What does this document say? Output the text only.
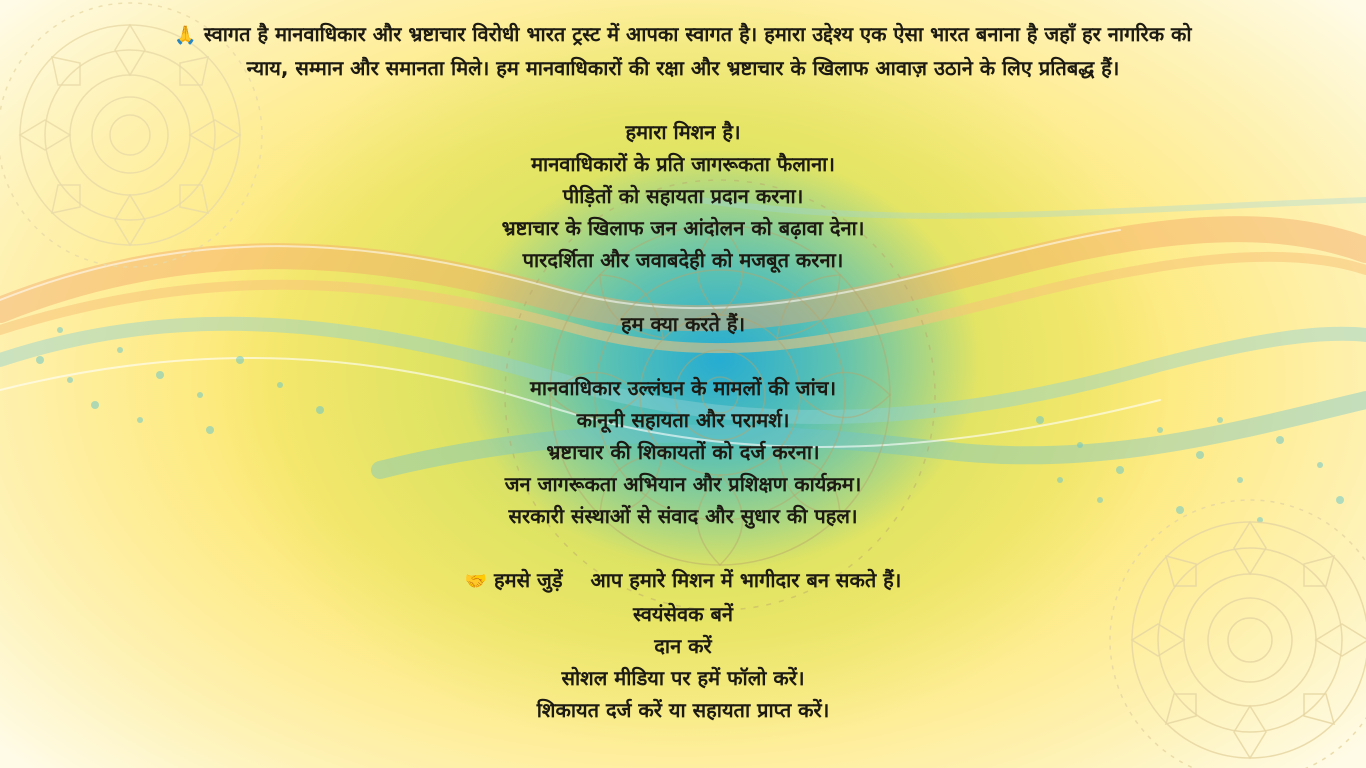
🙏 स्वागत है मानवाधिकार और भ्रष्टाचार विरोधी भारत ट्रस्ट में आपका स्वागत है। हमारा उद्देश्य एक ऐसा भारत बनाना है जहाँ हर नागरिक को न्याय, सम्मान और समानता मिले। हम मानवाधिकारों की रक्षा और भ्रष्टाचार के खिलाफ आवाज़ उठाने के लिए प्रतिबद्ध हैं।
हमारा मिशन है।
मानवाधिकारों के प्रति जागरूकता फैलाना।
पीड़ितों को सहायता प्रदान करना।
भ्रष्टाचार के खिलाफ जन आंदोलन को बढ़ावा देना।
पारदर्शिता और जवाबदेही को मजबूत करना।
हम क्या करते हैं।
मानवाधिकार उल्लंघन के मामलों की जांच।
कानूनी सहायता और परामर्श।
भ्रष्टाचार की शिकायतों को दर्ज करना।
जन जागरूकता अभियान और प्रशिक्षण कार्यक्रम।
सरकारी संस्थाओं से संवाद और सुधार की पहल।
🤝 हमसे जुड़ें    आप हमारे मिशन में भागीदार बन सकते हैं।
स्वयंसेवक बनें
दान करें
सोशल मीडिया पर हमें फॉलो करें।
शिकायत दर्ज करें या सहायता प्राप्त करें।
